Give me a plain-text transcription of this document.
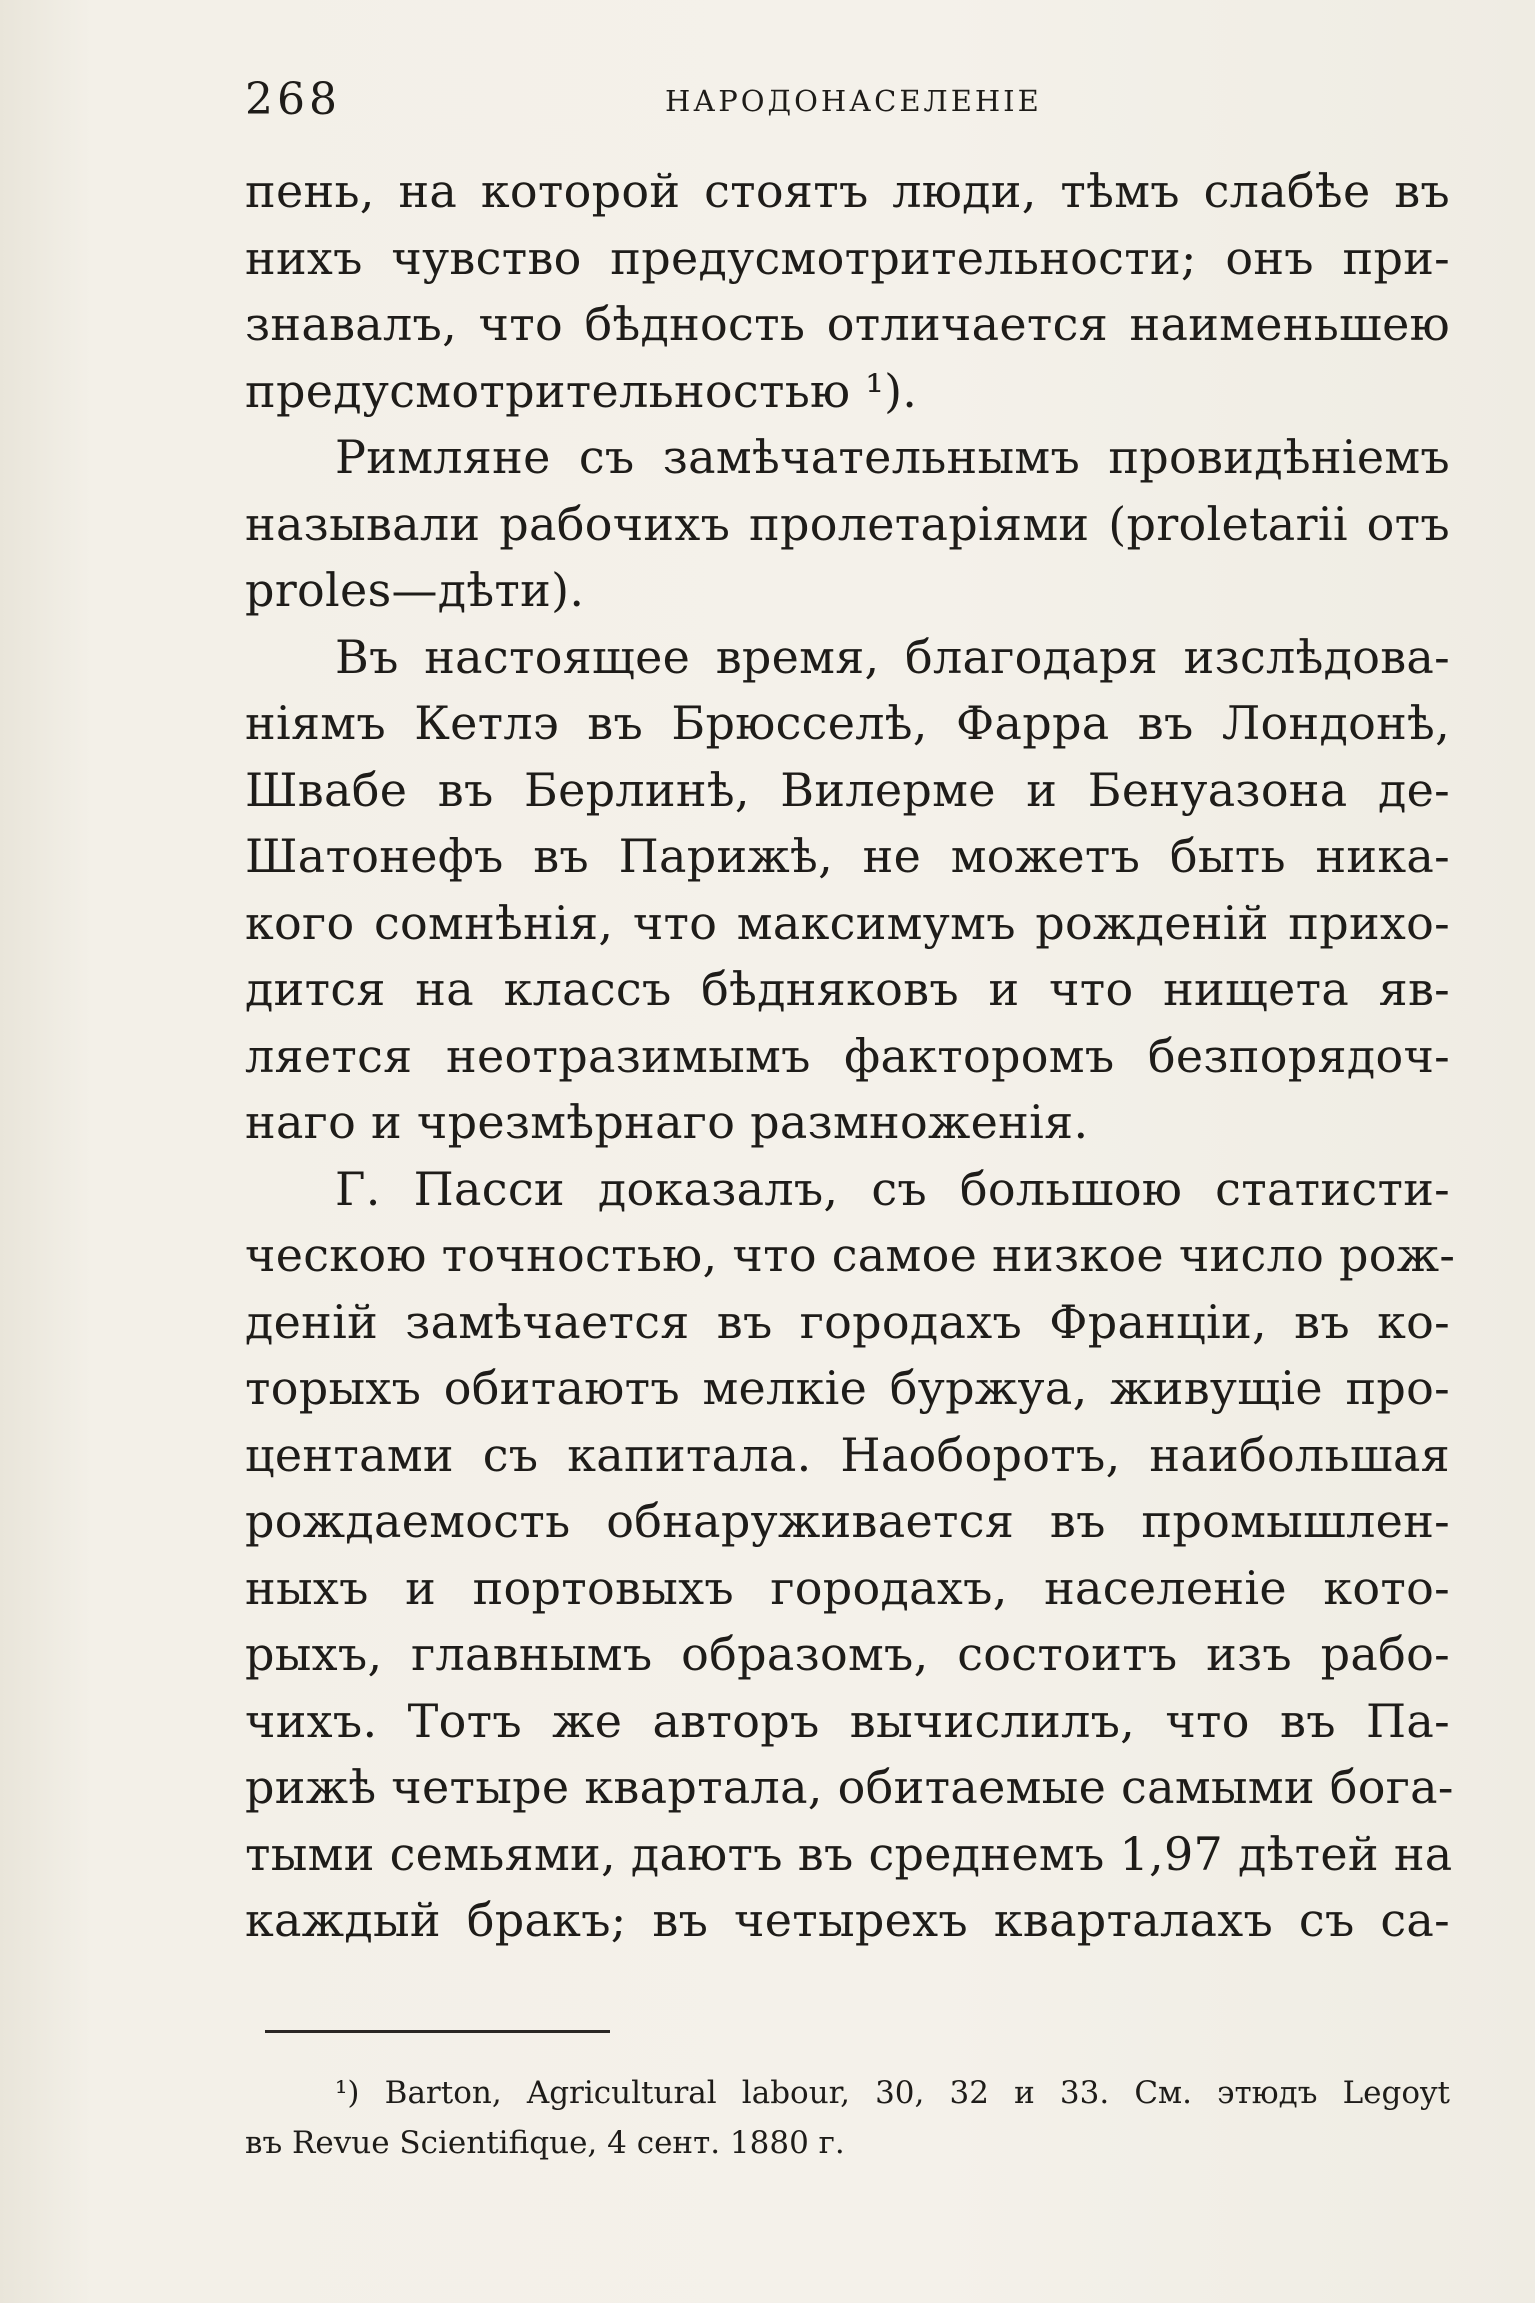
268	НАРОДОНАСЕЛЕНIЕ
пень, на которой стоятъ люди, тѣмъ слабѣе въ
нихъ чувство предусмотрительности; онъ при-
знавалъ, что бѣдность отличается наименьшею
предусмотрительностью ¹).
Римляне съ замѣчательнымъ провидѣнiемъ
называли рабочихъ пролетарiями (proletarii отъ
proles—дѣти).
Въ настоящее время, благодаря изслѣдова-
нiямъ Кетлэ въ Брюсселѣ, Фарра въ Лондонѣ,
Швабе въ Берлинѣ, Вилерме и Бенуазона де-
Шатонефъ въ Парижѣ, не можетъ быть ника-
кого сомнѣнiя, что максимумъ рожденiй прихо-
дится на классъ бѣдняковъ и что нищета яв-
ляется неотразимымъ факторомъ безпорядоч-
наго и чрезмѣрнаго размноженiя.
Г. Пасси доказалъ, съ большою статисти-
ческою точностью, что самое низкое число рож-
денiй замѣчается въ городахъ Францiи, въ ко-
торыхъ обитаютъ мелкiе буржуа, живущiе про-
центами съ капитала. Наоборотъ, наибольшая
рождаемость обнаруживается въ промышлен-
ныхъ и портовыхъ городахъ, населенiе кото-
рыхъ, главнымъ образомъ, состоитъ изъ рабо-
чихъ. Тотъ же авторъ вычислилъ, что въ Па-
рижѣ четыре квартала, обитаемые самыми бога-
тыми семьями, даютъ въ среднемъ 1,97 дѣтей на
каждый бракъ; въ четырехъ кварталахъ съ са-
¹) Barton, Agricultural labour, 30, 32 и 33. См. этюдъ Legoyt
въ Revue Scientifique, 4 сент. 1880 г.
